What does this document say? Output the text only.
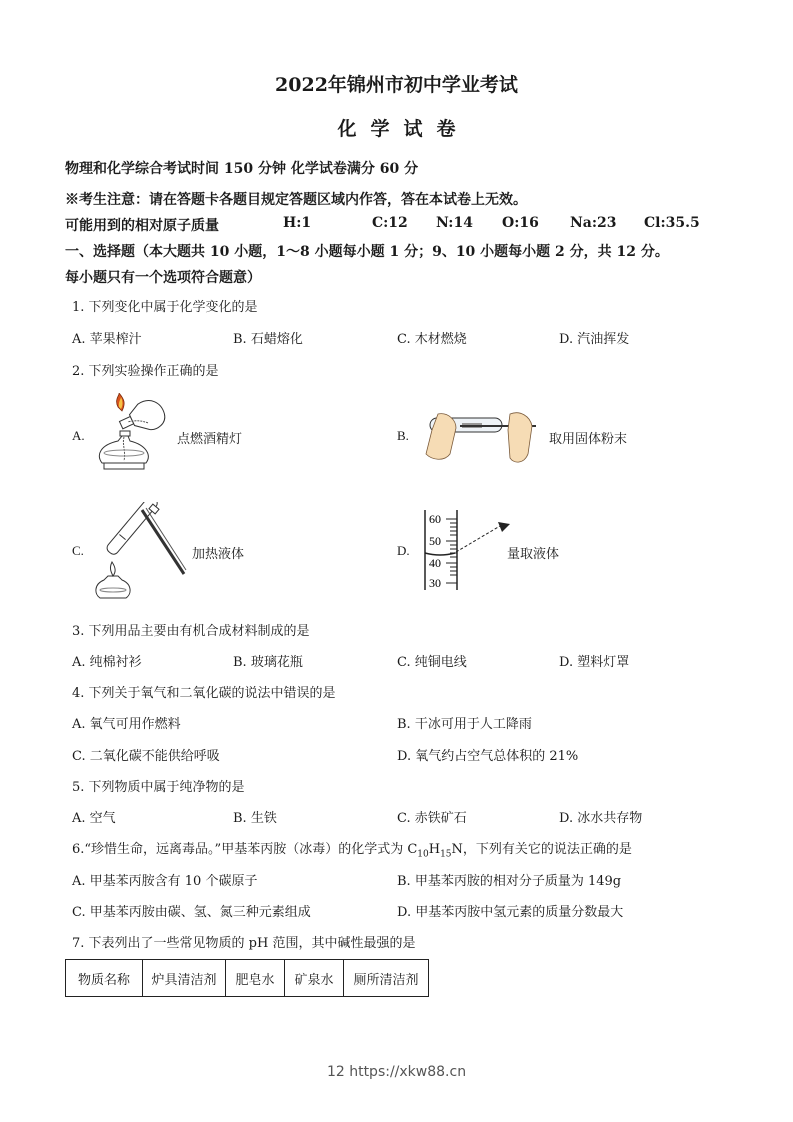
2022年锦州市初中学业考试
化学试卷
物理和化学综合考试时间 150 分钟 化学试卷满分 60 分
※考生注意：请在答题卡各题目规定答题区域内作答，答在本试卷上无效。
可能用到的相对原子质量	H:1	C:12 N:14 O:16 Na:23 Cl:35.5
一、选择题（本大题共 10 小题，1～8 小题每小题 1 分；9、10 小题每小题 2 分，共 12 分。
每小题只有一个选项符合题意）
1. 下列变化中属于化学变化的是
A. 苹果榨汁	B. 石蜡熔化	C. 木材燃烧	D. 汽油挥发
2. 下列实验操作正确的是
A.	点燃酒精灯	B.	取用固体粉末
C.	加热液体	D.
60
50
40
30
量取液体
3. 下列用品主要由有机合成材料制成的是
A. 纯棉衬衫	B. 玻璃花瓶	C. 纯铜电线	D. 塑料灯罩
4. 下列关于氧气和二氧化碳的说法中错误的是
A. 氧气可用作燃料	B. 干冰可用于人工降雨
C. 二氧化碳不能供给呼吸	D. 氧气约占空气总体积的 21%
5. 下列物质中属于纯净物的是
A. 空气	B. 生铁	C. 赤铁矿石	D. 冰水共存物
6.“珍惜生命，远离毒品。”甲基苯丙胺（冰毒）的化学式为 $C_{10}H_{15}N$，下列有关它的说法正确的是
A. 甲基苯丙胺含有 10 个碳原子	B. 甲基苯丙胺的相对分子质量为 149g
C. 甲基苯丙胺由碳、氢、氮三种元素组成	D. 甲基苯丙胺中氢元素的质量分数最大
7. 下表列出了一些常见物质的 pH 范围，其中碱性最强的是
物质名称	炉具清洁剂	肥皂水	矿泉水	厕所清洁剂
12 https://xkw88.cn
